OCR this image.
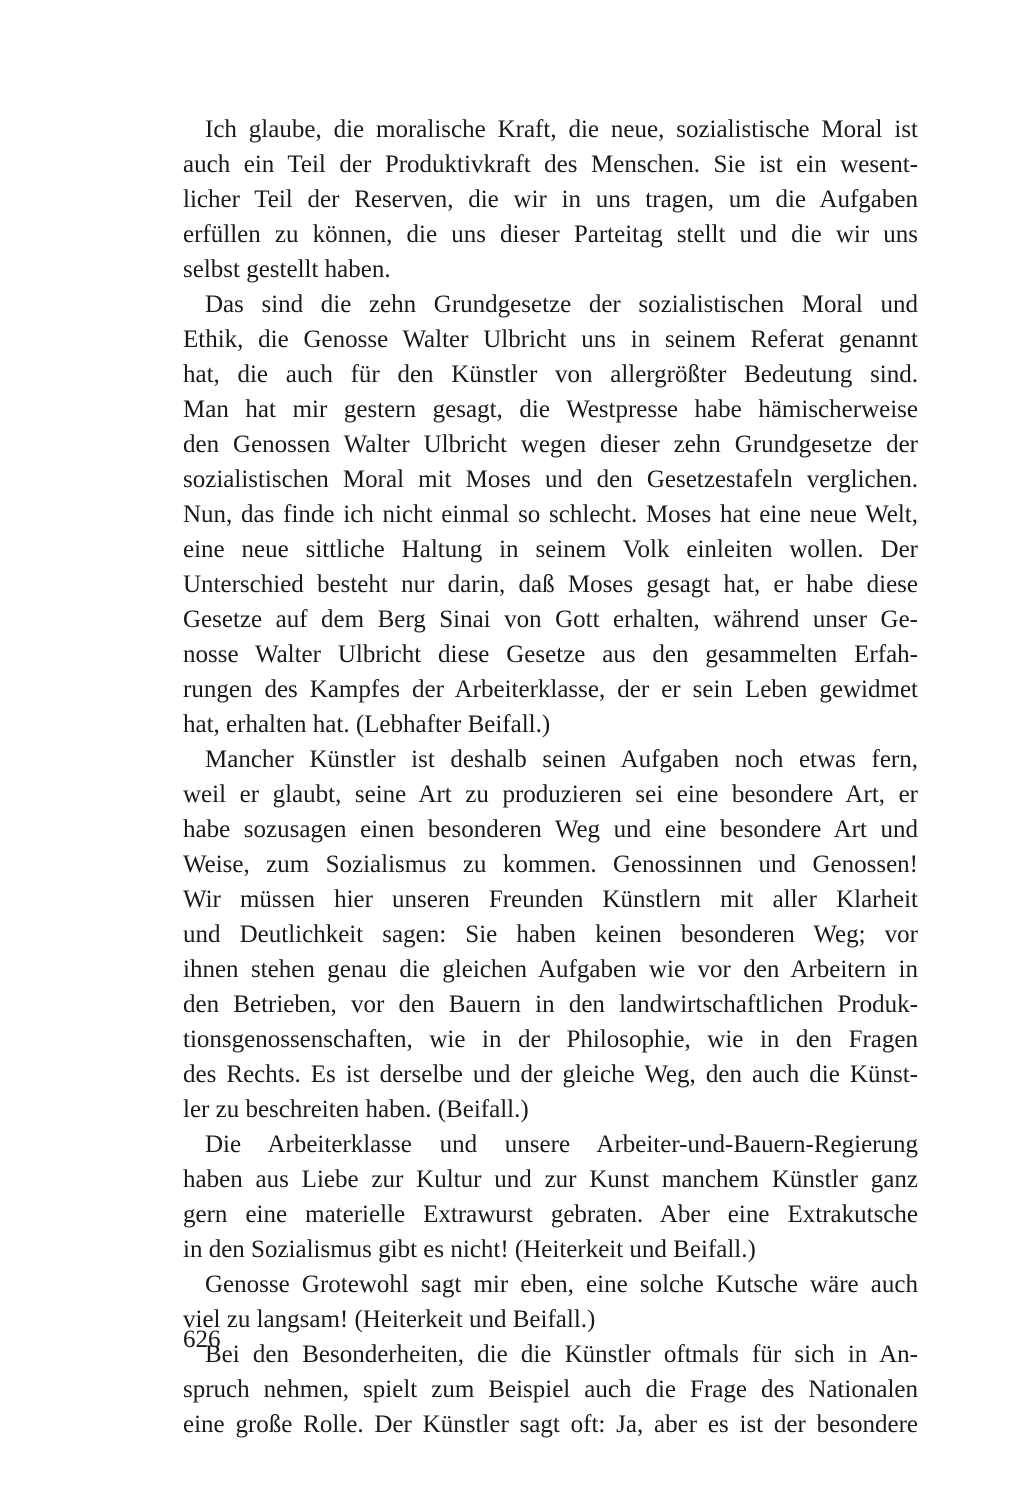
Ich glaube, die moralische Kraft, die neue, sozialistische Moral ist
auch ein Teil der Produktivkraft des Menschen. Sie ist ein wesent-
licher Teil der Reserven, die wir in uns tragen, um die Aufgaben
erfüllen zu können, die uns dieser Parteitag stellt und die wir uns
selbst gestellt haben.
Das sind die zehn Grundgesetze der sozialistischen Moral und
Ethik, die Genosse Walter Ulbricht uns in seinem Referat genannt
hat, die auch für den Künstler von allergrößter Bedeutung sind.
Man hat mir gestern gesagt, die Westpresse habe hämischerweise
den Genossen Walter Ulbricht wegen dieser zehn Grundgesetze der
sozialistischen Moral mit Moses und den Gesetzestafeln verglichen.
Nun, das finde ich nicht einmal so schlecht. Moses hat eine neue Welt,
eine neue sittliche Haltung in seinem Volk einleiten wollen. Der
Unterschied besteht nur darin, daß Moses gesagt hat, er habe diese
Gesetze auf dem Berg Sinai von Gott erhalten, während unser Ge-
nosse Walter Ulbricht diese Gesetze aus den gesammelten Erfah-
rungen des Kampfes der Arbeiterklasse, der er sein Leben gewidmet
hat, erhalten hat. (Lebhafter Beifall.)
Mancher Künstler ist deshalb seinen Aufgaben noch etwas fern,
weil er glaubt, seine Art zu produzieren sei eine besondere Art, er
habe sozusagen einen besonderen Weg und eine besondere Art und
Weise, zum Sozialismus zu kommen. Genossinnen und Genossen!
Wir müssen hier unseren Freunden Künstlern mit aller Klarheit
und Deutlichkeit sagen: Sie haben keinen besonderen Weg; vor
ihnen stehen genau die gleichen Aufgaben wie vor den Arbeitern in
den Betrieben, vor den Bauern in den landwirtschaftlichen Produk-
tionsgenossenschaften, wie in der Philosophie, wie in den Fragen
des Rechts. Es ist derselbe und der gleiche Weg, den auch die Künst-
ler zu beschreiten haben. (Beifall.)
Die Arbeiterklasse und unsere Arbeiter-und-Bauern-Regierung
haben aus Liebe zur Kultur und zur Kunst manchem Künstler ganz
gern eine materielle Extrawurst gebraten. Aber eine Extrakutsche
in den Sozialismus gibt es nicht! (Heiterkeit und Beifall.)
Genosse Grotewohl sagt mir eben, eine solche Kutsche wäre auch
viel zu langsam! (Heiterkeit und Beifall.)
Bei den Besonderheiten, die die Künstler oftmals für sich in An-
spruch nehmen, spielt zum Beispiel auch die Frage des Nationalen
eine große Rolle. Der Künstler sagt oft: Ja, aber es ist der besondere
626
